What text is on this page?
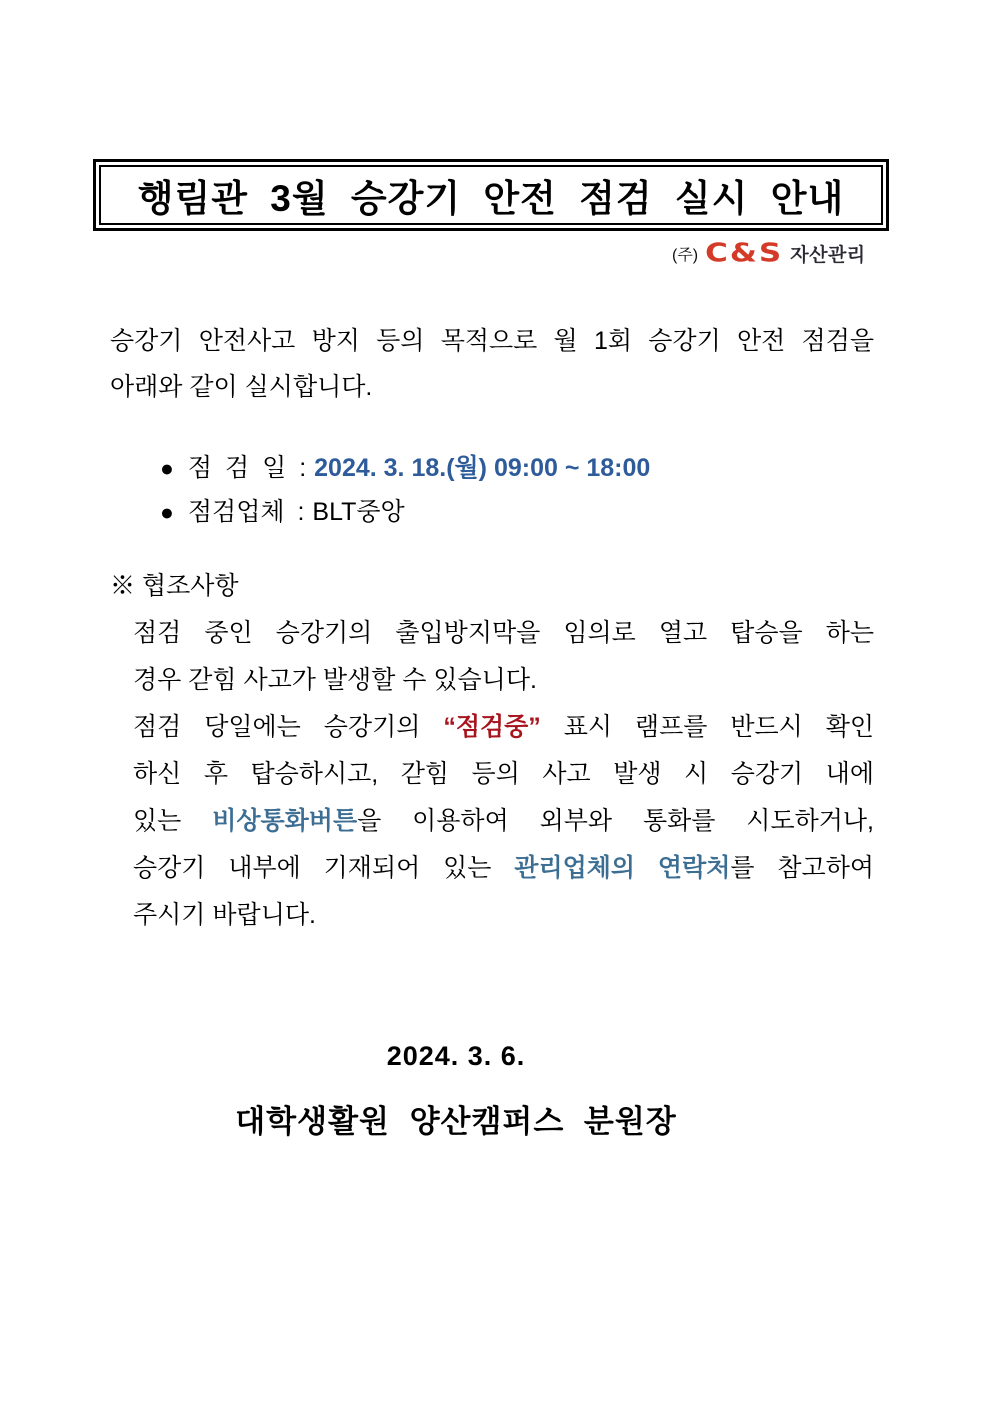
행림관 3월 승강기 안전 점검 실시 안내
(주) C&S 자산관리
승강기 안전사고 방지 등의 목적으로 월 1회 승강기 안전 점검을
아래와 같이 실시합니다.
● 점 검 일 : 2024. 3. 18.(월) 09:00 ~ 18:00
● 점검업체 : BLT중앙
※ 협조사항
점검 중인 승강기의 출입방지막을 임의로 열고 탑승을 하는
경우 갇힘 사고가 발생할 수 있습니다.
점검 당일에는 승강기의 “점검중” 표시 램프를 반드시 확인
하신 후 탑승하시고, 갇힘 등의 사고 발생 시 승강기 내에
있는 비상통화버튼을 이용하여 외부와 통화를 시도하거나,
승강기 내부에 기재되어 있는 관리업체의 연락처를 참고하여
주시기 바랍니다.
2024. 3. 6.
대학생활원 양산캠퍼스 분원장
